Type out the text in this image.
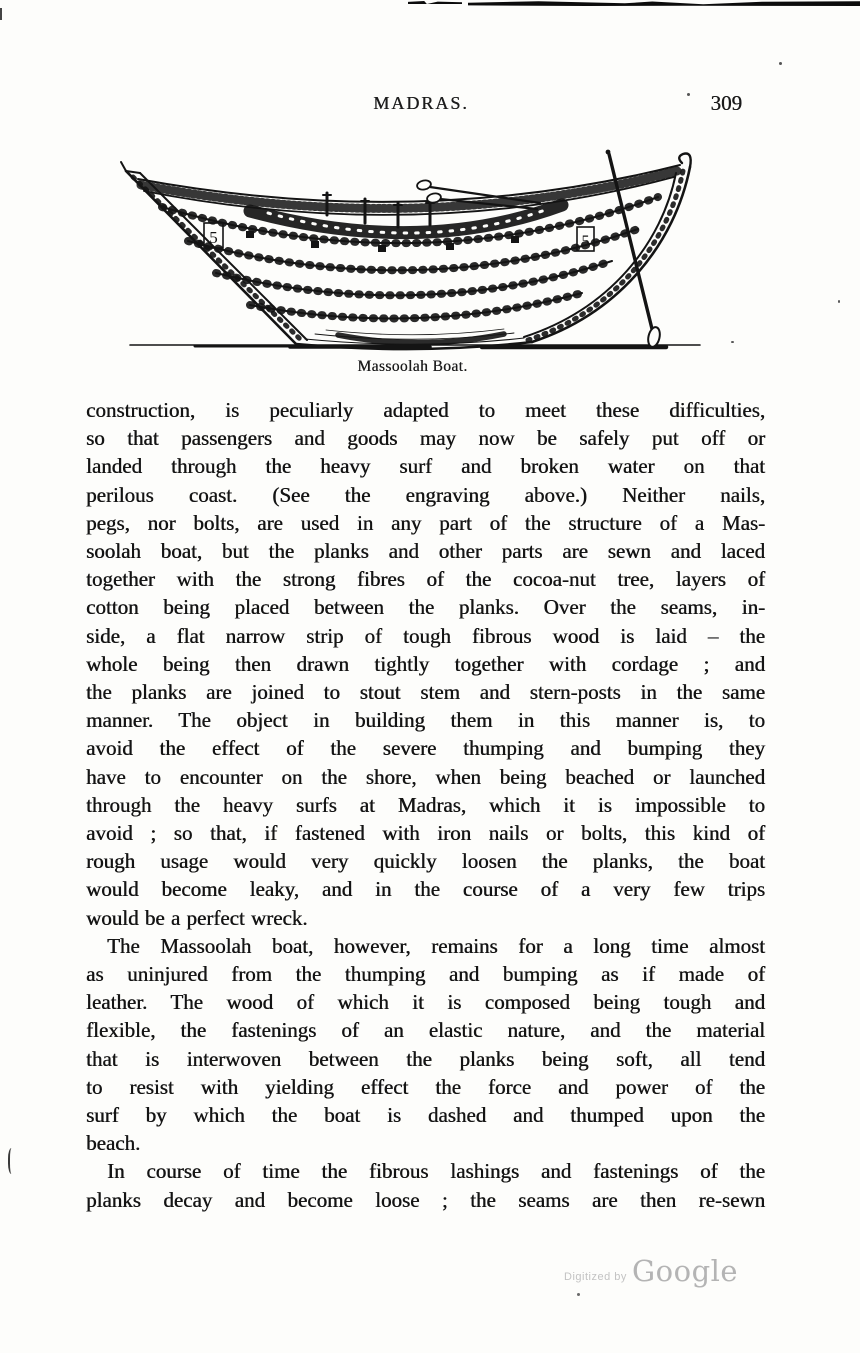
MADRAS.	309
5	5
Massoolah Boat.
construction, is peculiarly adapted to meet these difficulties,
so that passengers and goods may now be safely put off or
landed through the heavy surf and broken water on that
perilous coast. (See the engraving above.) Neither nails,
pegs, nor bolts, are used in any part of the structure of a Mas-
soolah boat, but the planks and other parts are sewn and laced
together with the strong fibres of the cocoa-nut tree, layers of
cotton being placed between the planks. Over the seams, in-
side, a flat narrow strip of tough fibrous wood is laid – the
whole being then drawn tightly together with cordage ; and
the planks are joined to stout stem and stern-posts in the same
manner. The object in building them in this manner is, to
avoid the effect of the severe thumping and bumping they
have to encounter on the shore, when being beached or launched
through the heavy surfs at Madras, which it is impossible to
avoid ; so that, if fastened with iron nails or bolts, this kind of
rough usage would very quickly loosen the planks, the boat
would become leaky, and in the course of a very few trips
would be a perfect wreck.
The Massoolah boat, however, remains for a long time almost
as uninjured from the thumping and bumping as if made of
leather. The wood of which it is composed being tough and
flexible, the fastenings of an elastic nature, and the material
that is interwoven between the planks being soft, all tend
to resist with yielding effect the force and power of the
surf by which the boat is dashed and thumped upon the
beach.
In course of time the fibrous lashings and fastenings of the
planks decay and become loose ; the seams are then re-sewn
Digitized by Google
